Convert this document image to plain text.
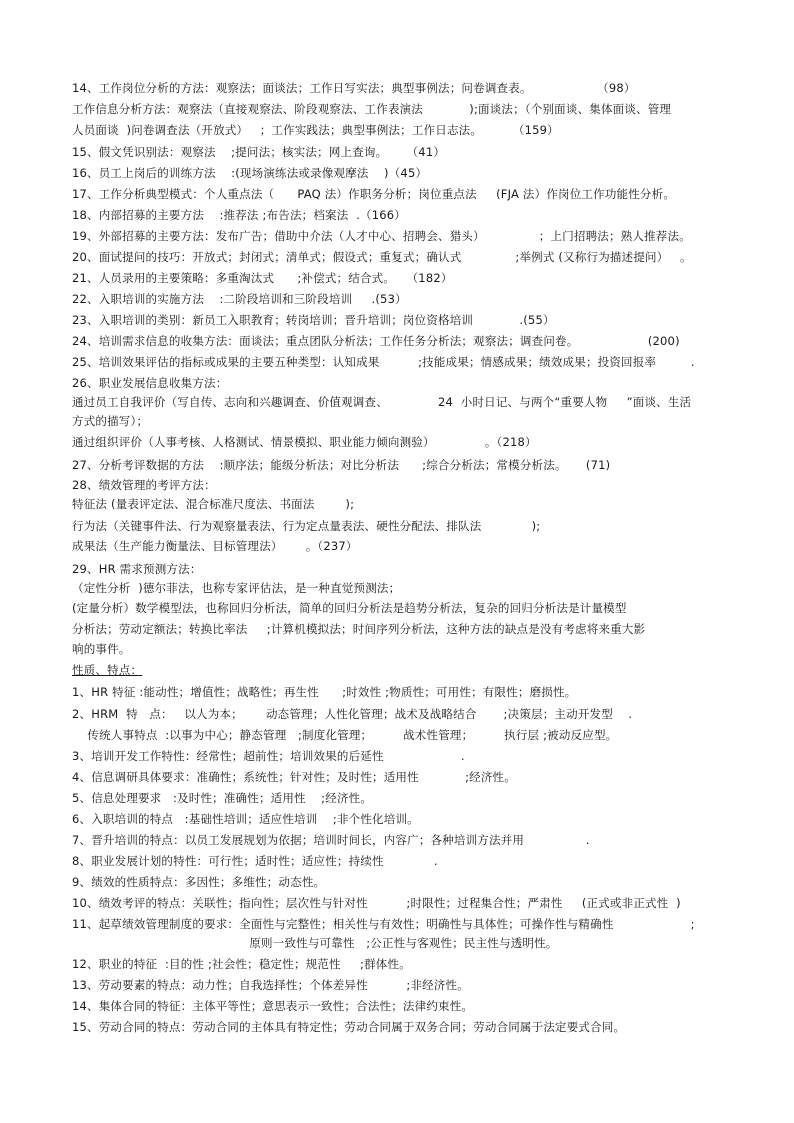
14、工作岗位分析的方法：观察法；面谈法；工作日写实法；典型事例法；问卷调查表。                 （98）
工作信息分析方法：观察法（直接观察法、阶段观察法、工作表演法            );面谈法；（个别面谈、集体面谈、管理
人员面谈  )问卷调查法（开放式）   ；工作实践法；典型事例法；工作日志法。        （159）
15、假文凭识别法：观察法    ;提问法；核实法；网上查询。     （41）
16、员工上岗后的训练方法    :(现场演练法或录像观摩法    )（45）
17、工作分析典型模式：个人重点法（      PAQ 法）作职务分析；岗位重点法     (FJA 法）作岗位工作功能性分析。
18、内部招募的主要方法    :推荐法 ;布告法；档案法  .（166）
19、外部招募的主要方法：发布广告；借助中介法（人才中心、招聘会、猎头）              ；上门招聘法；熟人推荐法。
20、面试提问的技巧：开放式；封闭式；清单式；假设式；重复式；确认式              ;举例式 (又称行为描述提问）   。
21、人员录用的主要策略：多重淘汰式      ;补偿式；结合式。   （182）
22、入职培训的实施方法    :二阶段培训和三阶段培训     .(53）
23、入职培训的类别：新员工入职教育；转岗培训；晋升培训；岗位资格培训            .(55）
24、培训需求信息的收集方法：面谈法；重点团队分析法；工作任务分析法；观察法；调查问卷。                  (200)
25、培训效果评估的指标或成果的主要五种类型：认知成果          ;技能成果；情感成果；绩效成果；投资回报率         .
26、职业发展信息收集方法：
通过员工自我评价（写自传、志向和兴趣调查、价值观调查、             24  小时日记、与两个“重要人物     ”面谈、生活
方式的描写）；
通过组织评价（人事考核、人格测试、情景模拟、职业能力倾向测验）             。（218）
27、分析考评数据的方法    :顺序法；能级分析法；对比分析法      ;综合分析法；常模分析法。     (71)
28、绩效管理的考评方法：
特征法 (量表评定法、混合标准尺度法、书面法        );
行为法（关键事件法、行为观察量表法、行为定点量表法、硬性分配法、排队法             );
成果法（生产能力衡量法、目标管理法）      。（237）
29、HR 需求预测方法：
（定性分析  )德尔菲法，也称专家评估法，是一种直觉预测法；
(定量分析）数学模型法，也称回归分析法，简单的回归分析法是趋势分析法，复杂的回归分析法是计量模型
分析法；劳动定额法；转换比率法     ;计算机模拟法；时间序列分析法，这种方法的缺点是没有考虑将来重大影
响的事件。
性质、特点：
1、HR 特征 :能动性；增值性；战略性；再生性      ;时效性 ;物质性；可用性；有限性；磨损性。
2、HRM  特   点：   以人为本；      动态管理；人性化管理；战术及战略结合       ;决策层；主动开发型    .
传统人事特点  :以事为中心；静态管理   ;制度化管理；        战术性管理；        执行层 ;被动反应型。
3、培训开发工作特性：经常性；超前性；培训效果的后延性                    .
4、信息调研具体要求：准确性；系统性；针对性；及时性；适用性            ;经济性。
5、信息处理要求   :及时性；准确性；适用性    ;经济性。
6、入职培训的特点   :基础性培训；适应性培训    ;非个性化培训。
7、晋升培训的特点：以员工发展规划为依据；培训时间长，内容广；各种培训方法并用                .
8、职业发展计划的特性：可行性；适时性；适应性；持续性             .
9、绩效的性质特点：多因性；多维性；动态性。
10、绩效考评的特点：关联性；指向性；层次性与针对性          ;时限性；过程集合性；严肃性     (正式或非正式性  )
11、起草绩效管理制度的要求：全面性与完整性；相关性与有效性；明确性与具体性；可操作性与精确性                    ;
原则一致性与可靠性   ;公正性与客观性；民主性与透明性。
12、职业的特征  :目的性 ;社会性；稳定性；规范性     ;群体性。
13、劳动要素的特点：动力性；自我选择性；个体差异性          ;非经济性。
14、集体合同的特征：主体平等性；意思表示一致性；合法性；法律约束性。
15、劳动合同的特点：劳动合同的主体具有特定性；劳动合同属于双务合同；劳动合同属于法定要式合同。
